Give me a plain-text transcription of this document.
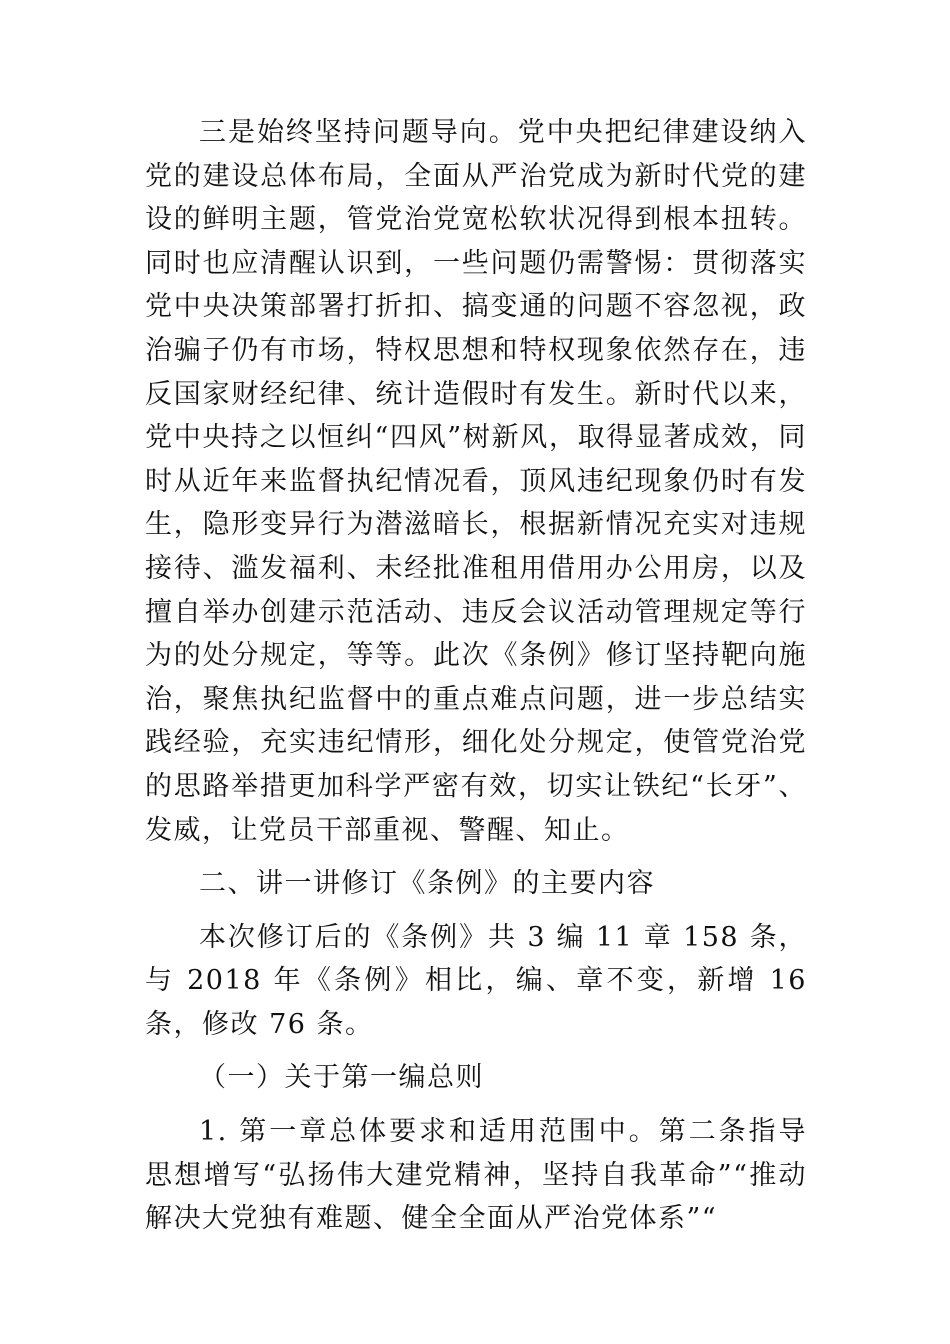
三是始终坚持问题导向。党中央把纪律建设纳入党的建设总体布局，全面从严治党成为新时代党的建设的鲜明主题，管党治党宽松软状况得到根本扭转。同时也应清醒认识到，一些问题仍需警惕：贯彻落实党中央决策部署打折扣、搞变通的问题不容忽视，政治骗子仍有市场，特权思想和特权现象依然存在，违反国家财经纪律、统计造假时有发生。新时代以来，党中央持之以恒纠“四风”树新风，取得显著成效，同时从近年来监督执纪情况看，顶风违纪现象仍时有发生，隐形变异行为潜滋暗长，根据新情况充实对违规接待、滥发福利、未经批准租用借用办公用房，以及擅自举办创建示范活动、违反会议活动管理规定等行为的处分规定，等等。此次《条例》修订坚持靶向施治，聚焦执纪监督中的重点难点问题，进一步总结实践经验，充实违纪情形，细化处分规定，使管党治党的思路举措更加科学严密有效，切实让铁纪“长牙”、发威，让党员干部重视、警醒、知止。

二、讲一讲修订《条例》的主要内容

本次修订后的《条例》共 3 编 11 章 158 条，与 2018 年《条例》相比，编、章不变，新增 16 条，修改 76 条。

（一）关于第一编总则

1. 第一章总体要求和适用范围中。第二条指导思想增写“弘扬伟大建党精神，坚持自我革命”“推动解决大党独有难题、健全全面从严治党体系”“
